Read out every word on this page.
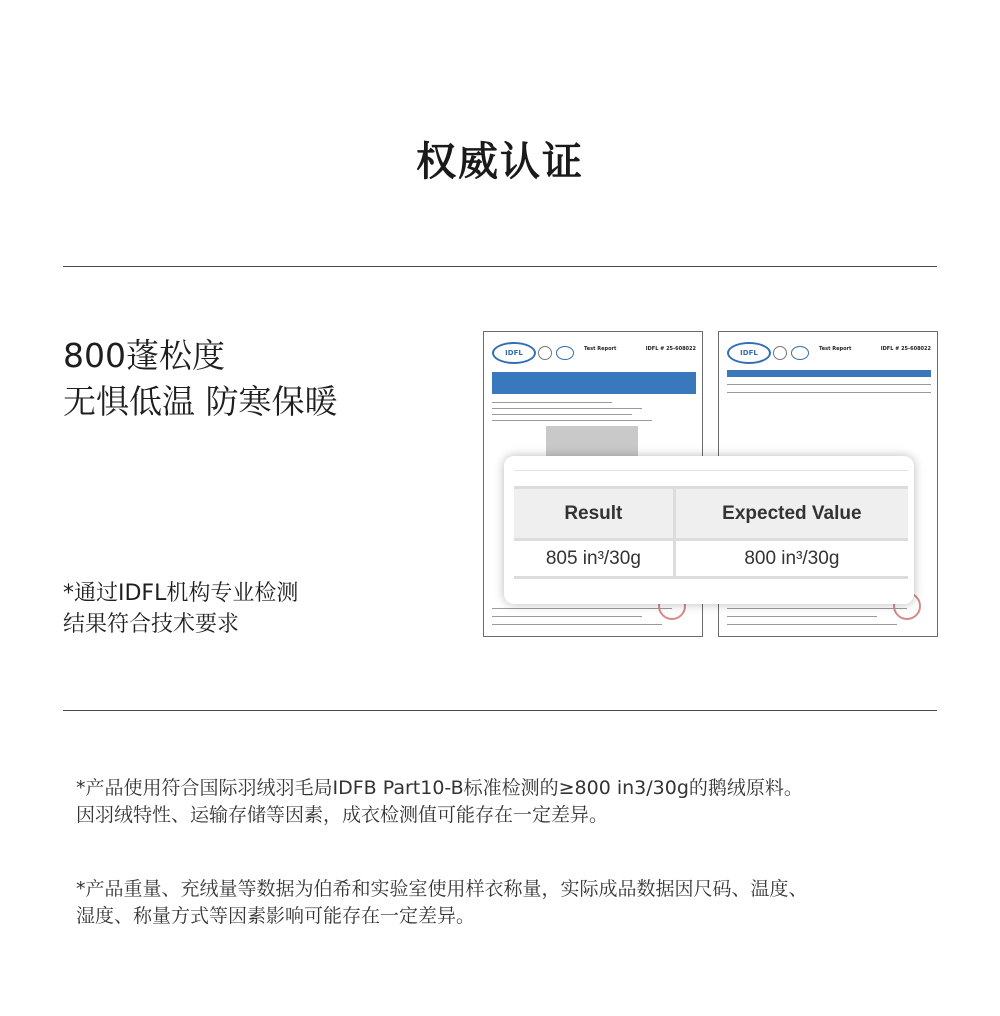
权威认证
800蓬松度
无惧低温 防寒保暖
*通过IDFL机构专业检测
结果符合技术要求
IDFL	Test Report	IDFL # 25-608022	IDFL	Test Report	IDFL # 25-608022
Result	Expected Value
805 in³/30g	800 in³/30g
*产品使用符合国际羽绒羽毛局IDFB Part10-B标准检测的≥800 in3/30g的鹅绒原料。
因羽绒特性、运输存储等因素，成衣检测值可能存在一定差异。
*产品重量、充绒量等数据为伯希和实验室使用样衣称量，实际成品数据因尺码、温度、
湿度、称量方式等因素影响可能存在一定差异。
